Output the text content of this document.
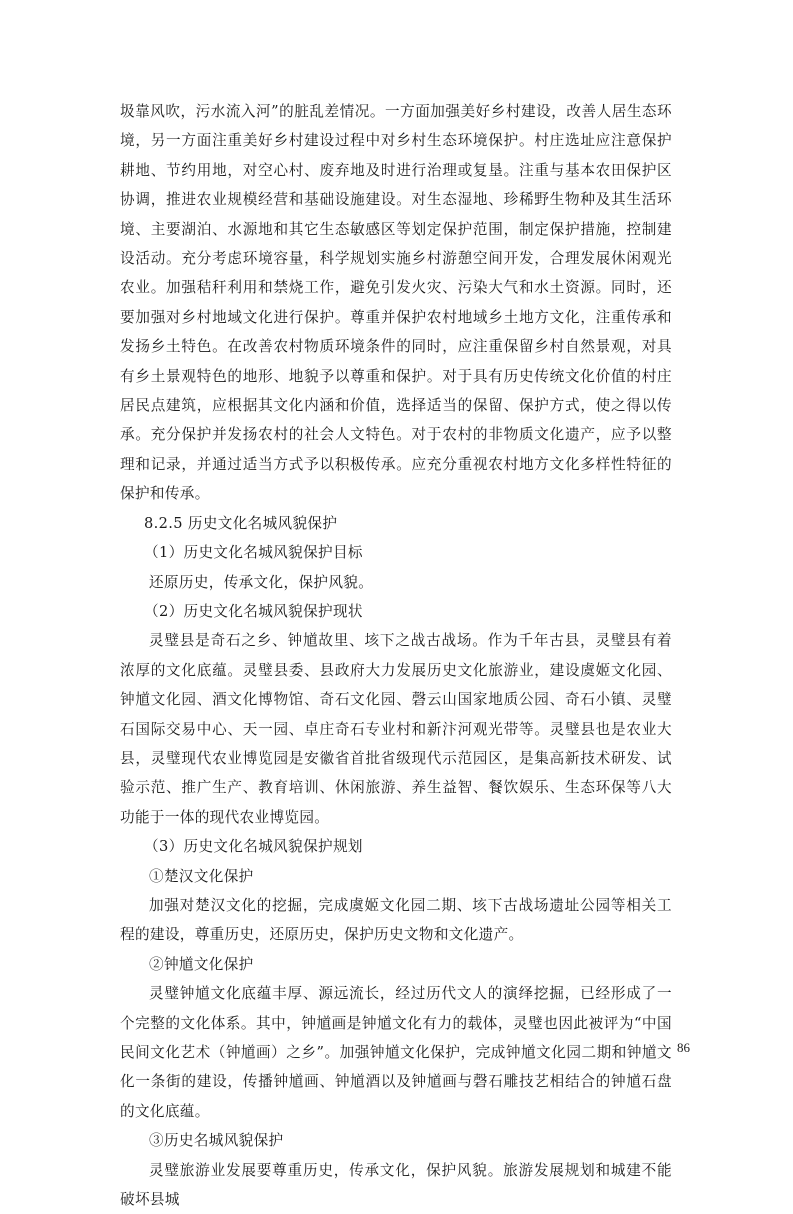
圾靠风吹，污水流入河”的脏乱差情况。一方面加强美好乡村建设，改善人居生态环境，另一方面注重美好乡村建设过程中对乡村生态环境保护。村庄选址应注意保护耕地、节约用地，对空心村、废弃地及时进行治理或复垦。注重与基本农田保护区协调，推进农业规模经营和基础设施建设。对生态湿地、珍稀野生物种及其生活环境、主要湖泊、水源地和其它生态敏感区等划定保护范围，制定保护措施，控制建设活动。充分考虑环境容量，科学规划实施乡村游憩空间开发，合理发展休闲观光农业。加强秸秆利用和禁烧工作，避免引发火灾、污染大气和水土资源。同时，还要加强对乡村地域文化进行保护。尊重并保护农村地域乡土地方文化，注重传承和发扬乡土特色。在改善农村物质环境条件的同时，应注重保留乡村自然景观，对具有乡土景观特色的地形、地貌予以尊重和保护。对于具有历史传统文化价值的村庄居民点建筑，应根据其文化内涵和价值，选择适当的保留、保护方式，使之得以传承。充分保护并发扬农村的社会人文特色。对于农村的非物质文化遗产，应予以整理和记录，并通过适当方式予以积极传承。应充分重视农村地方文化多样性特征的保护和传承。

8.2.5 历史文化名城风貌保护

（1）历史文化名城风貌保护目标

还原历史，传承文化，保护风貌。

（2）历史文化名城风貌保护现状

灵璧县是奇石之乡、钟馗故里、垓下之战古战场。作为千年古县，灵璧县有着浓厚的文化底蕴。灵璧县委、县政府大力发展历史文化旅游业，建设虞姬文化园、钟馗文化园、酒文化博物馆、奇石文化园、磬云山国家地质公园、奇石小镇、灵璧石国际交易中心、天一园、卓庄奇石专业村和新汴河观光带等。灵璧县也是农业大县，灵璧现代农业博览园是安徽省首批省级现代示范园区，是集高新技术研发、试验示范、推广生产、教育培训、休闲旅游、养生益智、餐饮娱乐、生态环保等八大功能于一体的现代农业博览园。

（3）历史文化名城风貌保护规划

①楚汉文化保护

加强对楚汉文化的挖掘，完成虞姬文化园二期、垓下古战场遗址公园等相关工程的建设，尊重历史，还原历史，保护历史文物和文化遗产。

②钟馗文化保护

灵璧钟馗文化底蕴丰厚、源远流长，经过历代文人的演绎挖掘，已经形成了一个完整的文化体系。其中，钟馗画是钟馗文化有力的载体，灵璧也因此被评为“中国民间文化艺术（钟馗画）之乡”。加强钟馗文化保护，完成钟馗文化园二期和钟馗文化一条街的建设，传播钟馗画、钟馗酒以及钟馗画与磬石雕技艺相结合的钟馗石盘的文化底蕴。

③历史名城风貌保护

灵璧旅游业发展要尊重历史，传承文化，保护风貌。旅游发展规划和城建不能破坏县城

86
